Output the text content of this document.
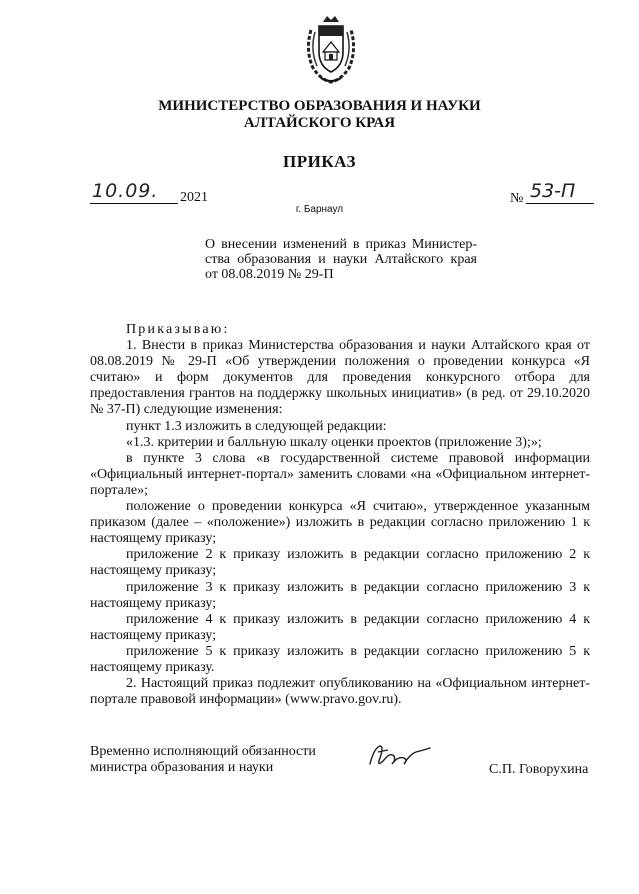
МИНИСТЕРСТВО ОБРАЗОВАНИЯ И НАУКИ
АЛТАЙСКОГО КРАЯ
ПРИКАЗ
10.09. 2021	№ 53-П
г. Барнаул

О внесении изменений в приказ Министер-

ства образования и науки Алтайского края

от 08.08.2019 № 29-П

Приказываю:

1. Внести в приказ Министерства образования и науки Алтайского края от 08.08.2019 № 29-П «Об утверждении положения о проведении конкурса «Я считаю» и форм документов для проведения конкурсного отбора для предоставления грантов на поддержку школьных инициатив» (в ред. от 29.10.2020 № 37-П) следующие изменения:

пункт 1.3 изложить в следующей редакции:

«1.3. критерии и балльную шкалу оценки проектов (приложение 3);»;

в пункте 3 слова «в государственной системе правовой информации «Официальный интернет-портал» заменить словами «на «Официальном интернет-портале»;

положение о проведении конкурса «Я считаю», утвержденное указанным приказом (далее – «положение») изложить в редакции согласно приложению 1 к настоящему приказу;

приложение 2 к приказу изложить в редакции согласно приложению 2 к настоящему приказу;

приложение 3 к приказу изложить в редакции согласно приложению 3 к настоящему приказу;

приложение 4 к приказу изложить в редакции согласно приложению 4 к настоящему приказу;

приложение 5 к приказу изложить в редакции согласно приложению 5 к настоящему приказу.

2. Настоящий приказ подлежит опубликованию на «Официальном интернет-портале правовой информации» (www.pravo.gov.ru).

Временно исполняющий обязанности
министра образования и науки	С.П. Говорухина
